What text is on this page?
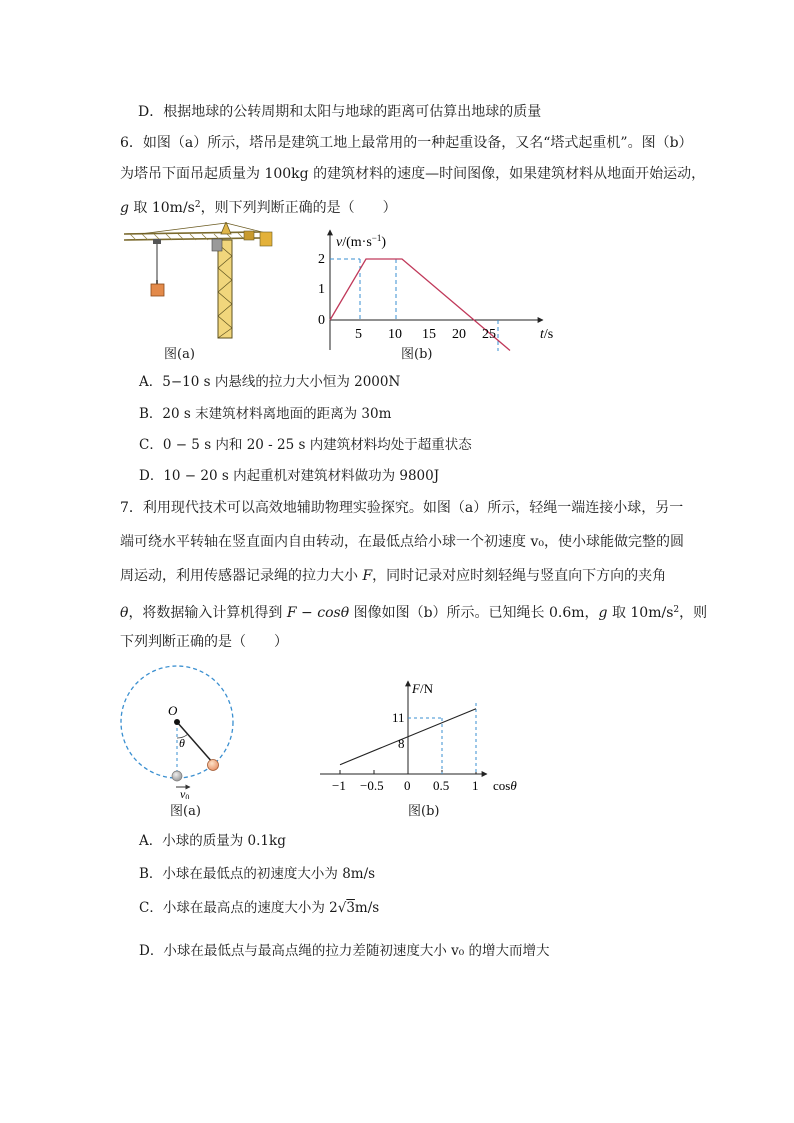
D．根据地球的公转周期和太阳与地球的距离可估算出地球的质量
6．如图（a）所示，塔吊是建筑工地上最常用的一种起重设备，又名“塔式起重机”。图（b）
为塔吊下面吊起质量为 100kg 的建筑材料的速度—时间图像，如果建筑材料从地面开始运动，
g 取 $10m/s^2$，则下列判断正确的是（　　）
图(a)
$v/(m\cdot s^{-1})$
2
1
0
5 10 15 20 25	t/s
图(b)
A．5−10 s 内悬线的拉力大小恒为 2000N
B．20 s 末建筑材料离地面的距离为 30m
C．0 − 5 s 内和 20 - 25 s 内建筑材料均处于超重状态
D．10 − 20 s 内起重机对建筑材料做功为 9800J
7．利用现代技术可以高效地辅助物理实验探究。如图（a）所示，轻绳一端连接小球，另一
端可绕水平转轴在竖直面内自由转动，在最低点给小球一个初速度 v₀，使小球能做完整的圆
周运动，利用传感器记录绳的拉力大小 F，同时记录对应时刻轻绳与竖直向下方向的夹角
θ，将数据输入计算机得到 F − cosθ 图像如图（b）所示。已知绳长 0.6m，g 取 $10m/s^2$，则
下列判断正确的是（　　）
O
θ
v0
图(a)
F/N
11
8
−1 −0.5 0 0.5 1 cosθ
图(b)
A．小球的质量为 0.1kg
B．小球在最低点的初速度大小为 8m/s
C．小球在最高点的速度大小为 2√3m/s
D．小球在最低点与最高点绳的拉力差随初速度大小 v₀ 的增大而增大
